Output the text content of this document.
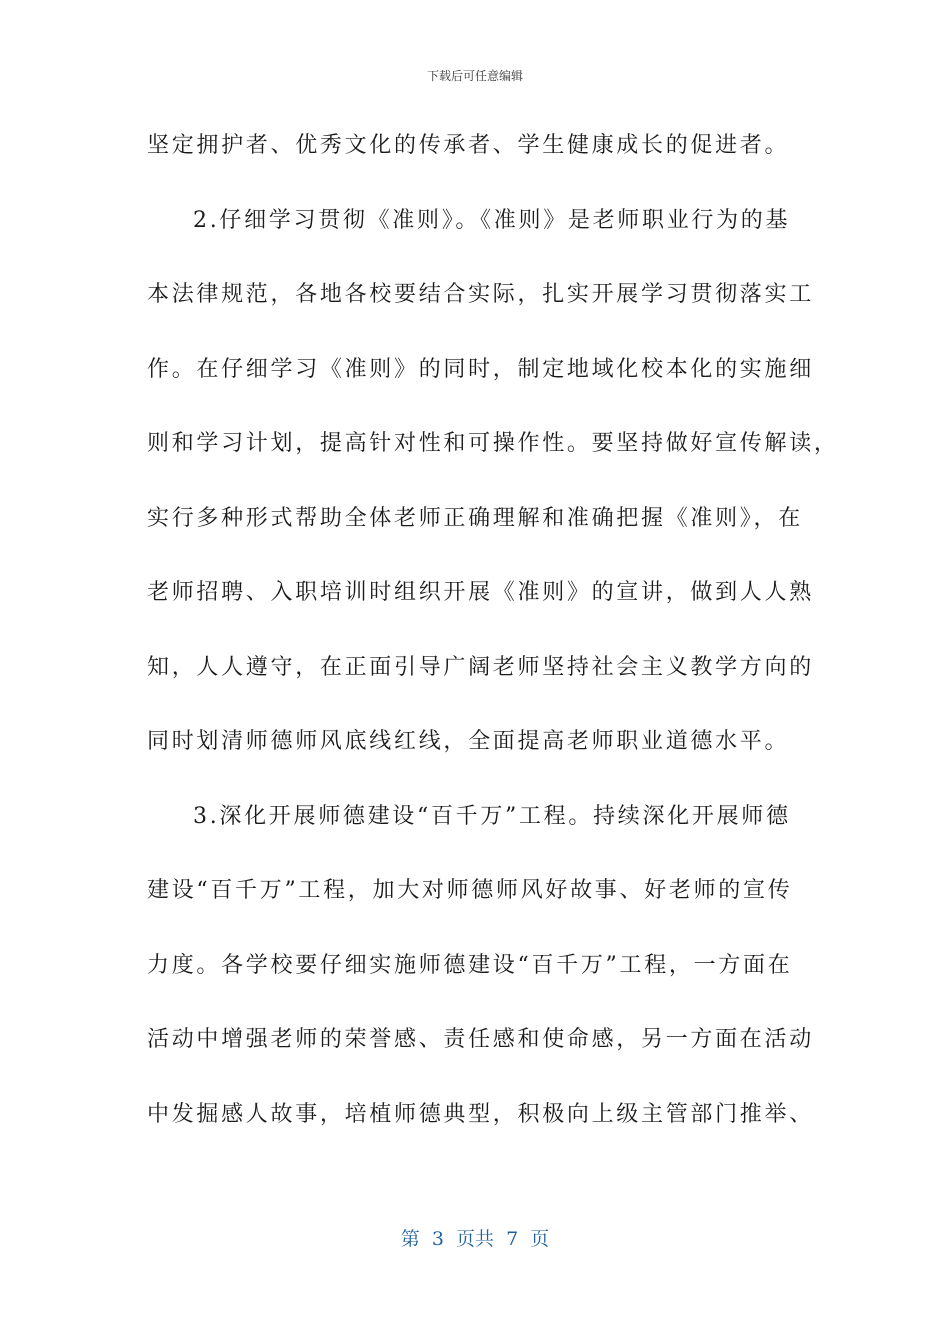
下载后可任意编辑
坚定拥护者、优秀文化的传承者、学生健康成长的促进者。
2.仔细学习贯彻《准则》。《准则》是老师职业行为的基
本法律规范，各地各校要结合实际，扎实开展学习贯彻落实工
作。在仔细学习《准则》的同时，制定地域化校本化的实施细
则和学习计划，提高针对性和可操作性。要坚持做好宣传解读，
实行多种形式帮助全体老师正确理解和准确把握《准则》，在
老师招聘、入职培训时组织开展《准则》的宣讲，做到人人熟
知，人人遵守，在正面引导广阔老师坚持社会主义教学方向的
同时划清师德师风底线红线，全面提高老师职业道德水平。
3.深化开展师德建设“百千万”工程。持续深化开展师德
建设“百千万”工程，加大对师德师风好故事、好老师的宣传
力度。各学校要仔细实施师德建设“百千万”工程，一方面在
活动中增强老师的荣誉感、责任感和使命感，另一方面在活动
中发掘感人故事，培植师德典型，积极向上级主管部门推举、
第  3  页共  7  页
